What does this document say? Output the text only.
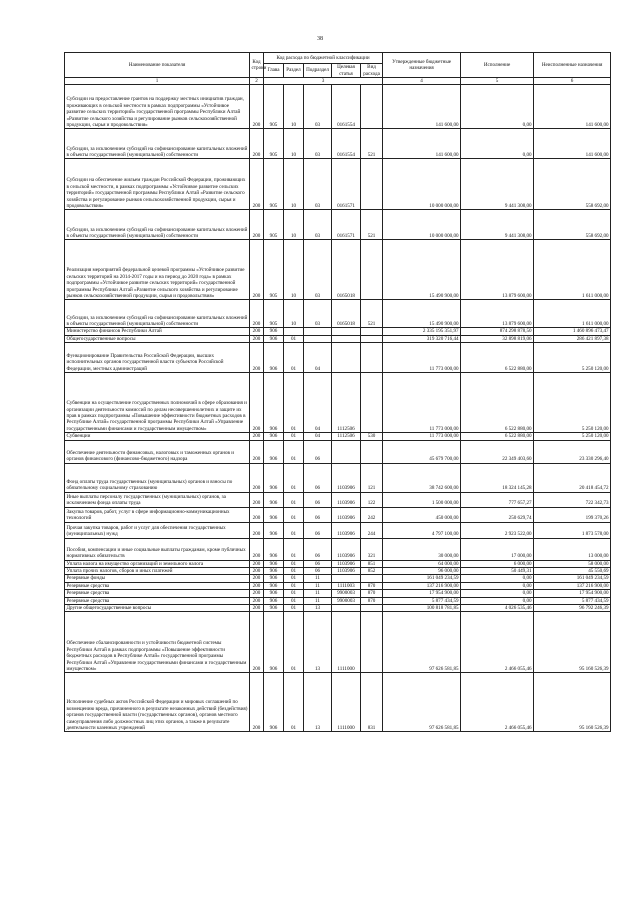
38
Наименование показателя	Код строки	Код расхода по бюджетной классификации					Утвержденные бюджетные назначения	Исполнение	Неисполненные назначения
		Глава	Раздел	Подраздел	Целевая статья	Вид расхода			
1	2	3					4	5	6
Субсидии на предоставление грантов на поддержку местных инициатив граждан, проживающих в сельской местности в рамках подпрограммы «Устойчивое развитие сельских территорий» государственной программы Республики Алтай «Развитие сельского хозяйства и регулирование рынков сельскохозяйственной продукции, сырья и продовольствия»	200	905	10	03	0161554		141 600,00	0,00	141 600,00
Субсидии, за исключением субсидий на софинансирование капитальных вложений в объекты государственной (муниципальной) собственности	200	905	10	03	0161554	521	141 600,00	0,00	141 600,00
Субсидии на обеспечение жильем граждан Российской Федерации, проживающих в сельской местности, в рамках подпрограммы «Устойчивое развитие сельских территорий» государственной программы Республики Алтай «Развитие сельского хозяйства и регулирование рынков сельскохозяйственной продукции, сырья и продовольствия»	200	905	10	03	0161571		10 000 000,00	9 441 308,00	558 692,00
Субсидии, за исключением субсидий на софинансирование капитальных вложений в объекты государственной (муниципальной) собственности	200	905	10	03	0161571	521	10 000 000,00	9 441 308,00	558 692,00
Реализация мероприятий федеральной целевой программы «Устойчивое развитие сельских территорий на 2014-2017 годы и на период до 2020 года» в рамках подпрограммы «Устойчивое развитие сельских территорий» государственной программы Республики Алтай «Развитие сельского хозяйства и регулирование рынков сельскохозяйственной продукции, сырья и продовольствия»	200	905	10	03	0165018		15 490 900,00	13 879 600,00	1 611 000,00
Субсидии, за исключением субсидий на софинансирование капитальных вложений в объекты государственной (муниципальной) собственности	200	905	10	03	0165018	521	15 490 900,00	13 879 600,00	1 611 000,00
Министерство финансов Республики Алтай	200	906					2 335 195 351,97	874 298 878,50	1 460 896 473,47
Общегосударственные вопросы	200	906	01				319 320 716,44	32 898 819,06	286 421 897,38
Функционирование Правительства Российской Федерации, высших исполнительных органов государственной власти субъектов Российской Федерации, местных администраций	200	906	01	04			11 773 000,00	6 522 880,00	5 250 120,00
Субвенции на осуществление государственных полномочий в сфере образования и организации деятельности комиссий по делам несовершеннолетних и защите их прав в рамках подпрограммы «Повышение эффективности бюджетных расходов в Республике Алтай» государственной программы Республики Алтай «Управление государственными финансами и государственным имуществом»	200	906	01	04	1112506		11 773 000,00	6 522 880,00	5 250 120,00
Субвенции	200	906	01	04	1112506	530	11 773 000,00	6 522 880,00	5 250 120,00
Обеспечение деятельности финансовых, налоговых и таможенных органов и органов финансового (финансово-бюджетного) надзора	200	906	01	06			45 679 700,00	22 349 403,60	23 330 296,40
Фонд оплаты труда государственных (муниципальных) органов и взносы по обязательному социальному страхованию	200	906	01	06	1103906	121	38 742 600,00	18 324 145,28	20 418 454,72
Иные выплаты персоналу государственных (муниципальных) органов, за исключением фонда оплаты труда	200	906	01	06	1103906	122	1 500 000,00	777 657,27	722 342,73
Закупка товаров, работ, услуг в сфере информационно-коммуникационных технологий	200	906	01	06	1103906	242	450 000,00	250 629,74	199 370,26
Прочая закупка товаров, работ и услуг для обеспечения государственных (муниципальных) нужд	200	906	01	06	1103906	244	4 797 100,00	2 923 522,00	1 873 578,00
Пособия, компенсации и иные социальные выплаты гражданам, кроме публичных нормативных обязательств	200	906	01	06	1103906	321	30 000,00	17 000,00	13 000,00
Уплата налога на имущество организаций и земельного налога	200	906	01	06	1103906	851	64 000,00	6 000,00	58 000,00
Уплата прочих налогов, сборов и иных платежей	200	906	01	06	1103906	852	96 000,00	50 449,31	45 550,69
Резервные фонды	200	906	01	11			161 049 234,59	0,00	161 049 234,59
Резервные средства	200	906	01	11	1111003	870	137 216 900,00	0,00	137 216 900,00
Резервные средства	200	906	01	11	9900003	870	17 954 900,00	0,00	17 954 900,00
Резервные средства	200	906	01	11	9900003	870	5 877 434,59	0,00	5 877 434,59
Другие общегосударственные вопросы	200	906	01	13			100 818 781,85	4 026 535,46	96 792 246,39
Обеспечение сбалансированности и устойчивости бюджетной системы Республики Алтай в рамках подпрограммы «Повышение эффективности бюджетных расходов в Республике Алтай» государственной программы Республики Алтай «Управление государственными финансами и государственным имуществом»	200	906	01	13	1111000		97 626 581,85	2 466 055,46	95 160 526,39
Исполнение судебных актов Российской Федерации и мировых соглашений по возмещению вреда, причиненного в результате незаконных действий (бездействия) органов государственной власти (государственных органов), органов местного самоуправления либо должностных лиц этих органов, а также в результате деятельности казенных учреждений	200	906	01	13	1111000	831	97 626 581,85	2 466 055,46	95 160 526,39
